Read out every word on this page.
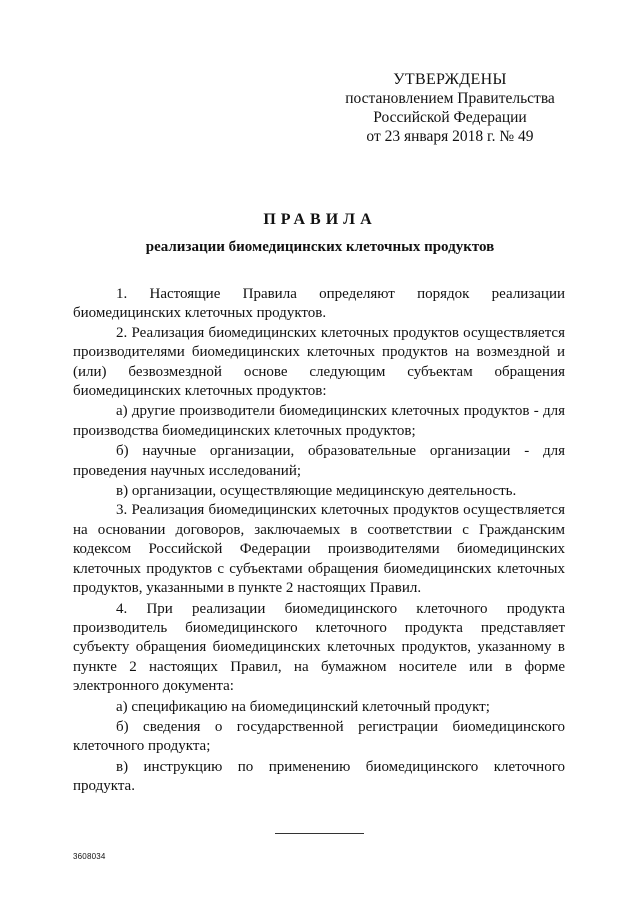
УТВЕРЖДЕНЫ
постановлением Правительства
Российской Федерации
от 23 января 2018 г. № 49
ПРАВИЛА
реализации биомедицинских клеточных продуктов

1. Настоящие Правила определяют порядок реализации биомедицинских клеточных продуктов.

2. Реализация биомедицинских клеточных продуктов осуществляется производителями биомедицинских клеточных продуктов на возмездной и (или) безвозмездной основе следующим субъектам обращения биомедицинских клеточных продуктов:

а) другие производители биомедицинских клеточных продуктов - для производства биомедицинских клеточных продуктов;

б) научные организации, образовательные организации - для проведения научных исследований;

в) организации, осуществляющие медицинскую деятельность.

3. Реализация биомедицинских клеточных продуктов осуществляется на основании договоров, заключаемых в соответствии с Гражданским кодексом Российской Федерации производителями биомедицинских клеточных продуктов с субъектами обращения биомедицинских клеточных продуктов, указанными в пункте 2 настоящих Правил.

4. При реализации биомедицинского клеточного продукта производитель биомедицинского клеточного продукта представляет субъекту обращения биомедицинских клеточных продуктов, указанному в пункте 2 настоящих Правил, на бумажном носителе или в форме электронного документа:

а) спецификацию на биомедицинский клеточный продукт;

б) сведения о государственной регистрации биомедицинского клеточного продукта;

в) инструкцию по применению биомедицинского клеточного продукта.

3608034
